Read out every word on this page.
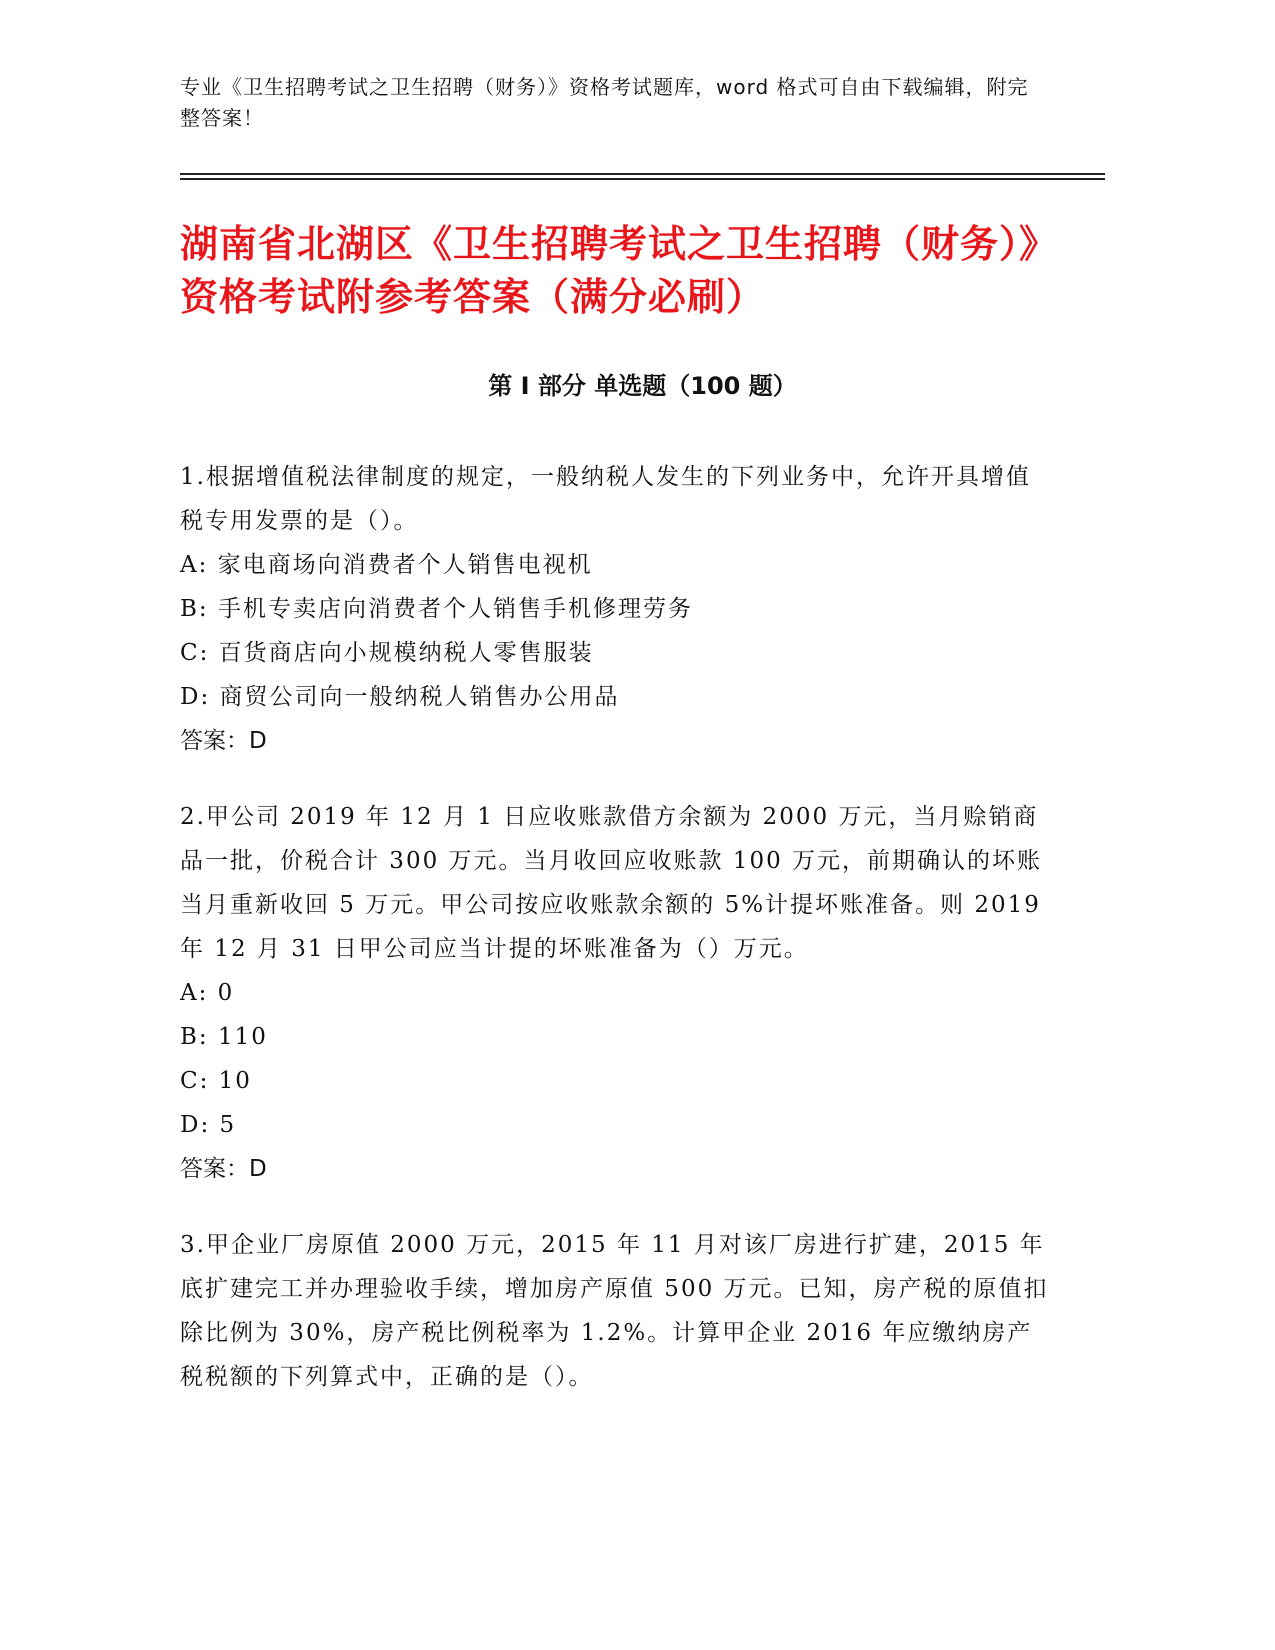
专业《卫生招聘考试之卫生招聘（财务）》资格考试题库，word 格式可自由下载编辑，附完整答案！
湖南省北湖区《卫生招聘考试之卫生招聘（财务）》资格考试附参考答案（满分必刷）
第 I 部分 单选题（100 题）

1.根据增值税法律制度的规定，一般纳税人发生的下列业务中，允许开具增值税专用发票的是（）。

A: 家电商场向消费者个人销售电视机

B: 手机专卖店向消费者个人销售手机修理劳务

C: 百货商店向小规模纳税人零售服装

D: 商贸公司向一般纳税人销售办公用品

答案：D

2.甲公司 2019 年 12 月 1 日应收账款借方余额为 2000 万元，当月赊销商品一批，价税合计 300 万元。当月收回应收账款 100 万元，前期确认的坏账当月重新收回 5 万元。甲公司按应收账款余额的 5%计提坏账准备。则 2019 年 12 月 31 日甲公司应当计提的坏账准备为（）万元。

A: 0

B: 110

C: 10

D: 5

答案：D

3.甲企业厂房原值 2000 万元，2015 年 11 月对该厂房进行扩建，2015 年底扩建完工并办理验收手续，增加房产原值 500 万元。已知，房产税的原值扣除比例为 30%，房产税比例税率为 1.2%。计算甲企业 2016 年应缴纳房产税税额的下列算式中，正确的是（）。
